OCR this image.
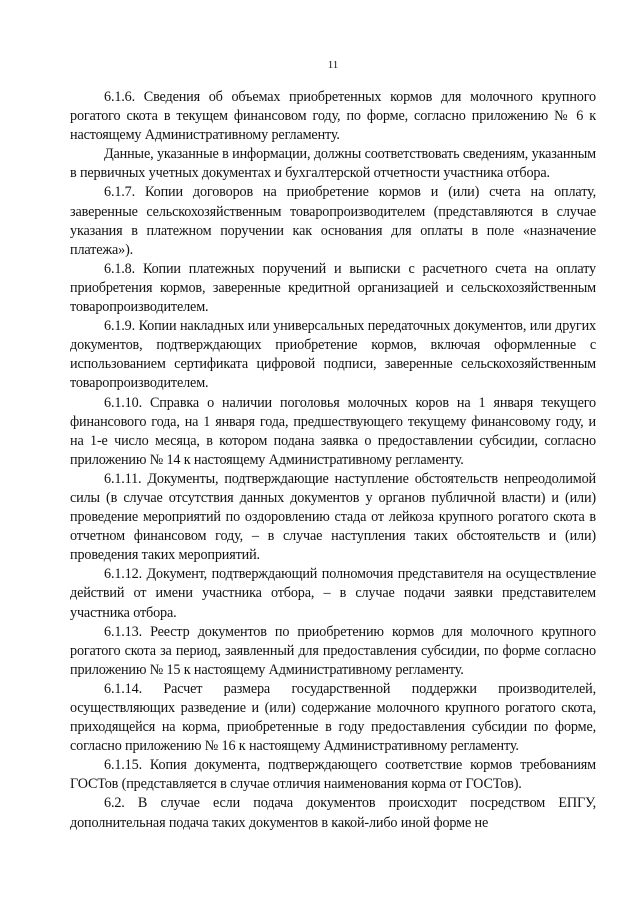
11

6.1.6. Сведения об объемах приобретенных кормов для молочного крупного рогатого скота в текущем финансовом году, по форме, согласно приложению № 6 к настоящему Административному регламенту.

Данные, указанные в информации, должны соответствовать сведениям, указанным в первичных учетных документах и бухгалтерской отчетности участника отбора.

6.1.7. Копии договоров на приобретение кормов и (или) счета на оплату, заверенные сельскохозяйственным товаропроизводителем (представляются в случае указания в платежном поручении как основания для оплаты в поле «назначение платежа»).

6.1.8. Копии платежных поручений и выписки с расчетного счета на оплату приобретения кормов, заверенные кредитной организацией и сельскохозяйственным товаропроизводителем.

6.1.9. Копии накладных или универсальных передаточных документов, или других документов, подтверждающих приобретение кормов, включая оформленные с использованием сертификата цифровой подписи, заверенные сельскохозяйственным товаропроизводителем.

6.1.10. Справка о наличии поголовья молочных коров на 1 января текущего финансового года, на 1 января года, предшествующего текущему финансовому году, и на 1-е число месяца, в котором подана заявка о предоставлении субсидии, согласно приложению № 14 к настоящему Административному регламенту.

6.1.11. Документы, подтверждающие наступление обстоятельств непреодолимой силы (в случае отсутствия данных документов у органов публичной власти) и (или) проведение мероприятий по оздоровлению стада от лейкоза крупного рогатого скота в отчетном финансовом году, – в случае наступления таких обстоятельств и (или) проведения таких мероприятий.

6.1.12. Документ, подтверждающий полномочия представителя на осуществление действий от имени участника отбора, – в случае подачи заявки представителем участника отбора.

6.1.13. Реестр документов по приобретению кормов для молочного крупного рогатого скота за период, заявленный для предоставления субсидии, по форме согласно приложению № 15 к настоящему Административному регламенту.

6.1.14. Расчет размера государственной поддержки производителей, осуществляющих разведение и (или) содержание молочного крупного рогатого скота, приходящейся на корма, приобретенные в году предоставления субсидии по форме, согласно приложению № 16 к настоящему Административному регламенту.

6.1.15. Копия документа, подтверждающего соответствие кормов требованиям ГОСТов (представляется в случае отличия наименования корма от ГОСТов).

6.2. В случае если подача документов происходит посредством ЕПГУ, дополнительная подача таких документов в какой-либо иной форме не
